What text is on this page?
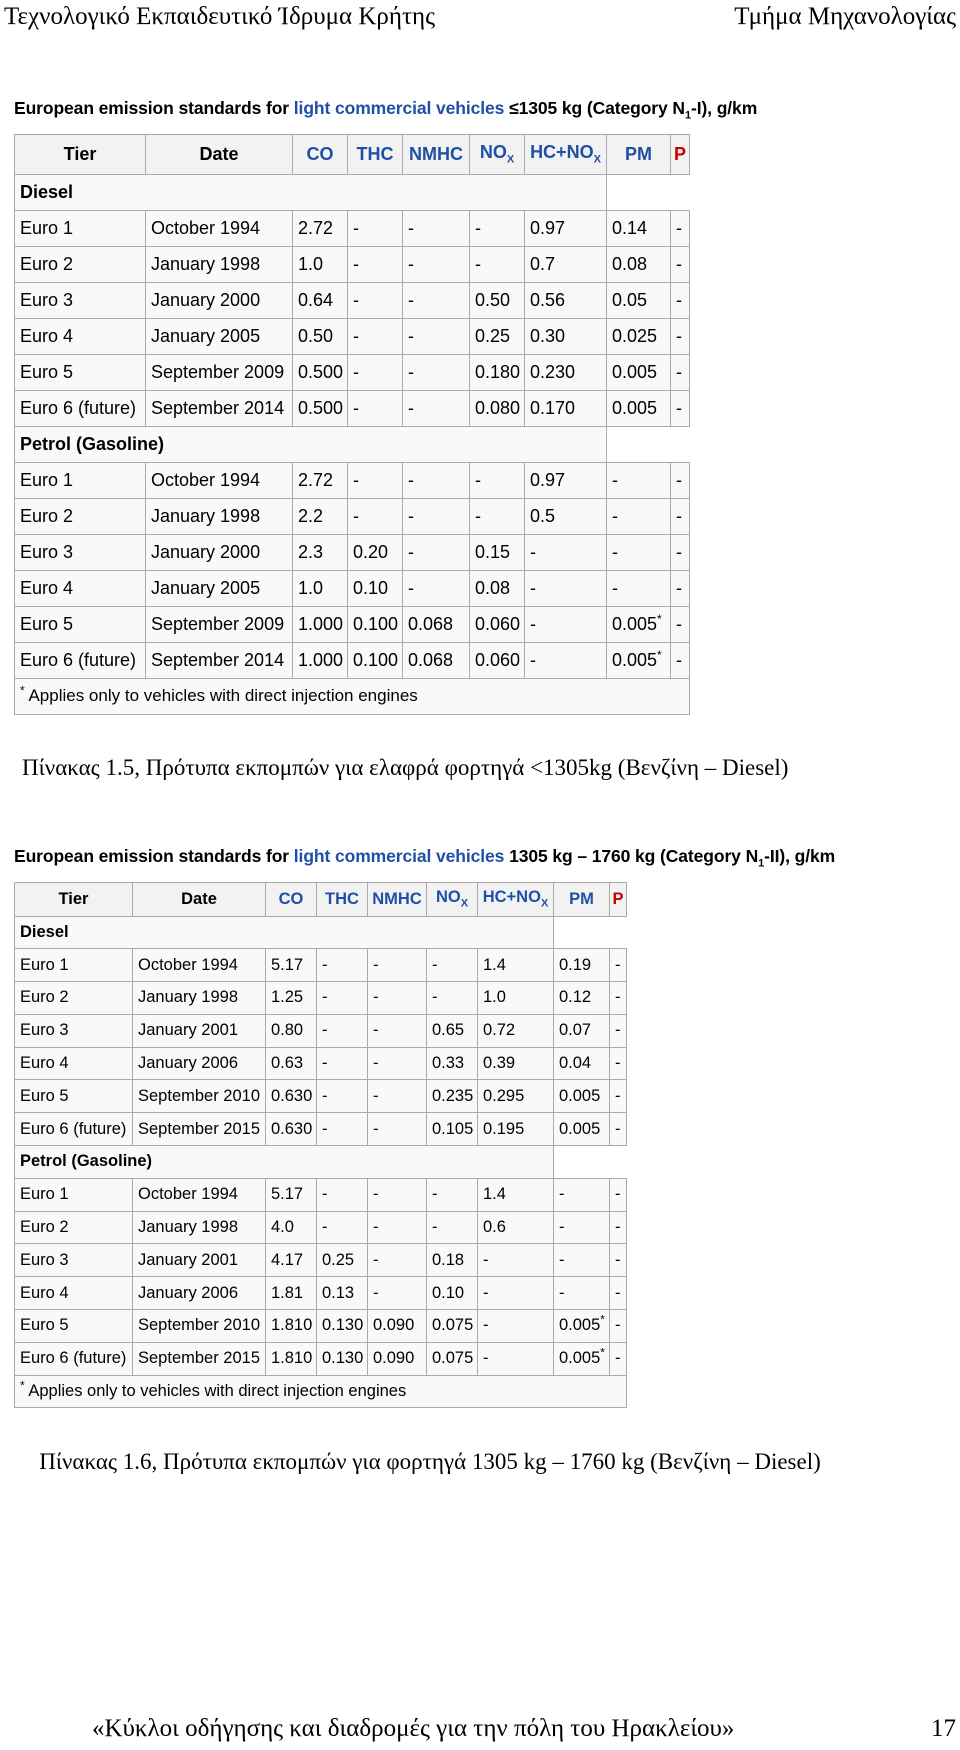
Τεχνολογικό Εκπαιδευτικό Ίδρυμα Κρήτης	Τμήμα Μηχανολογίας
European emission standards for light commercial vehicles ≤1305 kg (Category $N_1-I$), g/km
Tier	Date	CO	THC	NMHC	$NO_X$	$HC+NO_X$	PM	P
Diesel								
Euro 1	October 1994	2.72	-	-	-	0.97	0.14	-
Euro 2	January 1998	1.0	-	-	-	0.7	0.08	-
Euro 3	January 2000	0.64	-	-	0.50	0.56	0.05	-
Euro 4	January 2005	0.50	-	-	0.25	0.30	0.025	-
Euro 5	September 2009	0.500	-	-	0.180	0.230	0.005	-
Euro 6 (future)	September 2014	0.500	-	-	0.080	0.170	0.005	-
Petrol (Gasoline)								
Euro 1	October 1994	2.72	-	-	-	0.97	-	-
Euro 2	January 1998	2.2	-	-	-	0.5	-	-
Euro 3	January 2000	2.3	0.20	-	0.15	-	-	-
Euro 4	January 2005	1.0	0.10	-	0.08	-	-	-
Euro 5	September 2009	1.000	0.100	0.068	0.060	-	0.005*	-
Euro 6 (future)	September 2014	1.000	0.100	0.068	0.060	-	0.005*	-
* Applies only to vehicles with direct injection engines								
Πίνακας 1.5, Πρότυπα εκπομπών για ελαφρά φορτηγά <1305kg (Βενζίνη – Diesel)
European emission standards for light commercial vehicles 1305 kg – 1760 kg (Category $N_1-II$), g/km
Tier	Date	CO	THC	NMHC	$NO_X$	$HC+NO_X$	PM	P
Diesel								
Euro 1	October 1994	5.17	-	-	-	1.4	0.19	-
Euro 2	January 1998	1.25	-	-	-	1.0	0.12	-
Euro 3	January 2001	0.80	-	-	0.65	0.72	0.07	-
Euro 4	January 2006	0.63	-	-	0.33	0.39	0.04	-
Euro 5	September 2010	0.630	-	-	0.235	0.295	0.005	-
Euro 6 (future)	September 2015	0.630	-	-	0.105	0.195	0.005	-
Petrol (Gasoline)								
Euro 1	October 1994	5.17	-	-	-	1.4	-	-
Euro 2	January 1998	4.0	-	-	-	0.6	-	-
Euro 3	January 2001	4.17	0.25	-	0.18	-	-	-
Euro 4	January 2006	1.81	0.13	-	0.10	-	-	-
Euro 5	September 2010	1.810	0.130	0.090	0.075	-	0.005*	-
Euro 6 (future)	September 2015	1.810	0.130	0.090	0.075	-	0.005*	-
* Applies only to vehicles with direct injection engines								
Πίνακας 1.6, Πρότυπα εκπομπών για φορτηγά 1305 kg – 1760 kg (Βενζίνη – Diesel)
«Κύκλοι οδήγησης και διαδρομές για την πόλη του Ηρακλείου»	17
